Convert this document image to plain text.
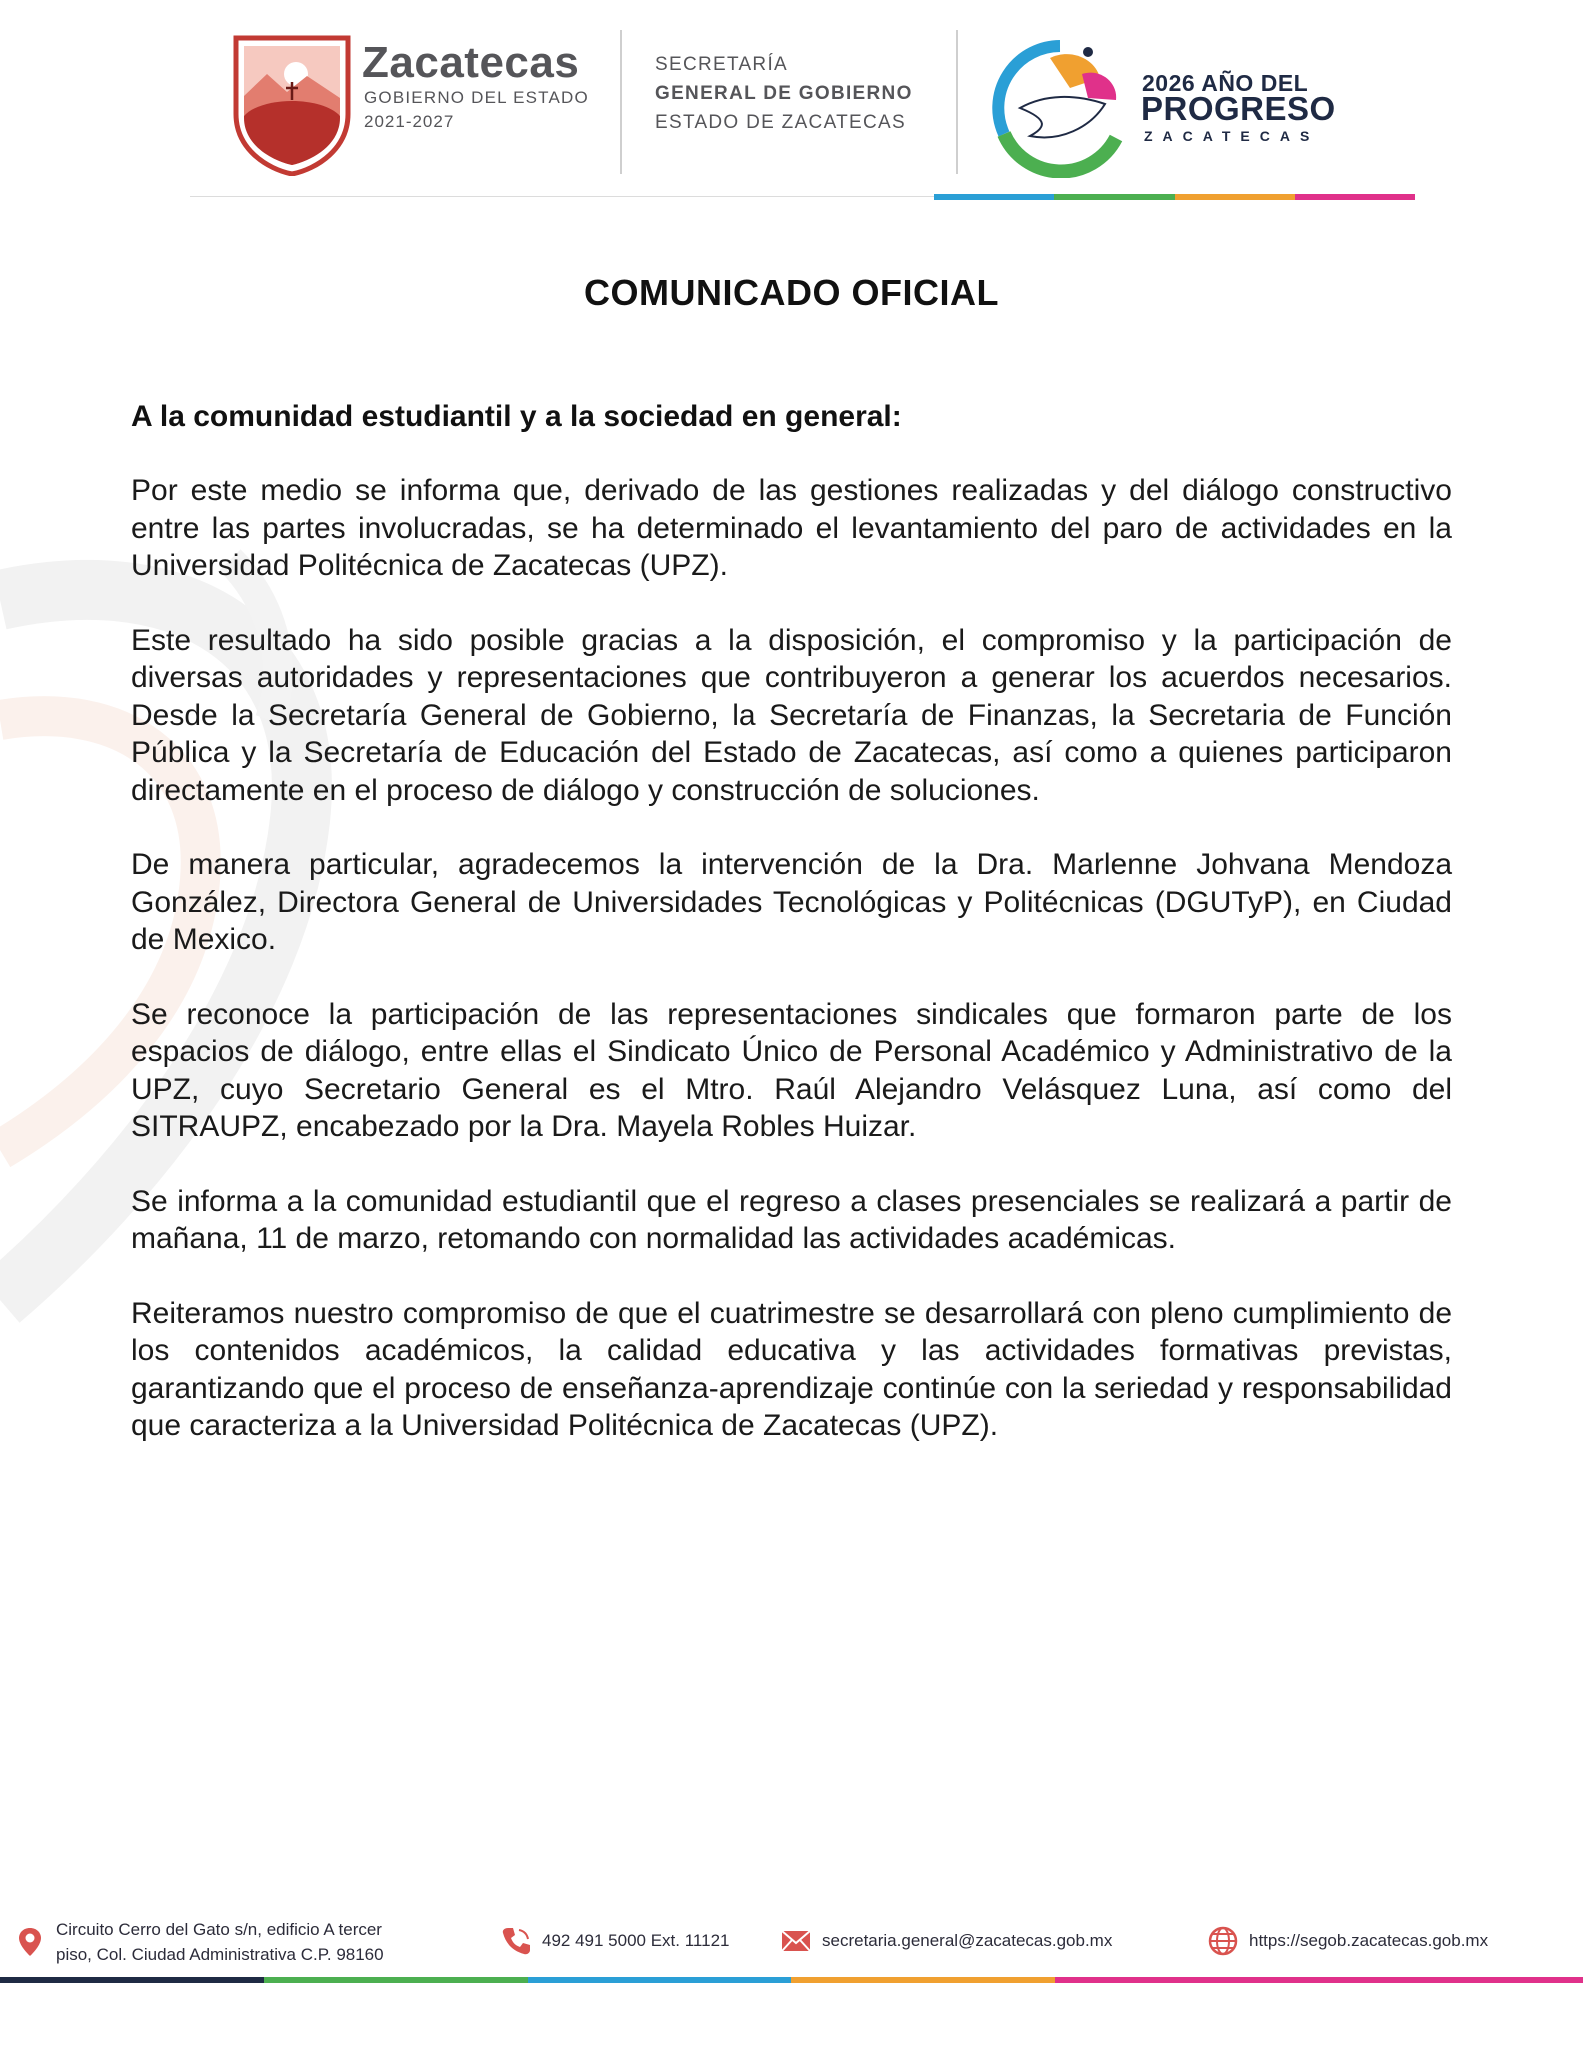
Zacatecas
GOBIERNO DEL ESTADO
2021-2027
SECRETARÍA
GENERAL DE GOBIERNO
ESTADO DE ZACATECAS
2026 AÑO DEL
PROGRESO
ZACATECAS
COMUNICADO OFICIAL

A la comunidad estudiantil y a la sociedad en general:

Por este medio se informa que, derivado de las gestiones realizadas y del diálogo constructivo entre las partes involucradas, se ha determinado el levantamiento del paro de actividades en la Universidad Politécnica de Zacatecas (UPZ).

Este resultado ha sido posible gracias a la disposición, el compromiso y la participación de diversas autoridades y representaciones que contribuyeron a generar los acuerdos necesarios. Desde la Secretaría General de Gobierno, la Secretaría de Finanzas, la Secretaria de Función Pública y la Secretaría de Educación del Estado de Zacatecas, así como a quienes participaron directamente en el proceso de diálogo y construcción de soluciones.

De manera particular, agradecemos la intervención de la Dra. Marlenne Johvana Mendoza González, Directora General de Universidades Tecnológicas y Politécnicas (DGUTyP), en Ciudad de Mexico.

Se reconoce la participación de las representaciones sindicales que formaron parte de los espacios de diálogo, entre ellas el Sindicato Único de Personal Académico y Administrativo de la UPZ, cuyo Secretario General es el Mtro. Raúl Alejandro Velásquez Luna, así como del SITRAUPZ, encabezado por la Dra. Mayela Robles Huizar.

Se informa a la comunidad estudiantil que el regreso a clases presenciales se realizará a partir de mañana, 11 de marzo, retomando con normalidad las actividades académicas.

Reiteramos nuestro compromiso de que el cuatrimestre se desarrollará con pleno cumplimiento de los contenidos académicos, la calidad educativa y las actividades formativas previstas, garantizando que el proceso de enseñanza-aprendizaje continúe con la seriedad y responsabilidad que caracteriza a la Universidad Politécnica de Zacatecas (UPZ).

Circuito Cerro del Gato s/n, edificio A tercer
piso, Col. Ciudad Administrativa C.P. 98160
492 491 5000 Ext. 11121	secretaria.general@zacatecas.gob.mx	https://segob.zacatecas.gob.mx
